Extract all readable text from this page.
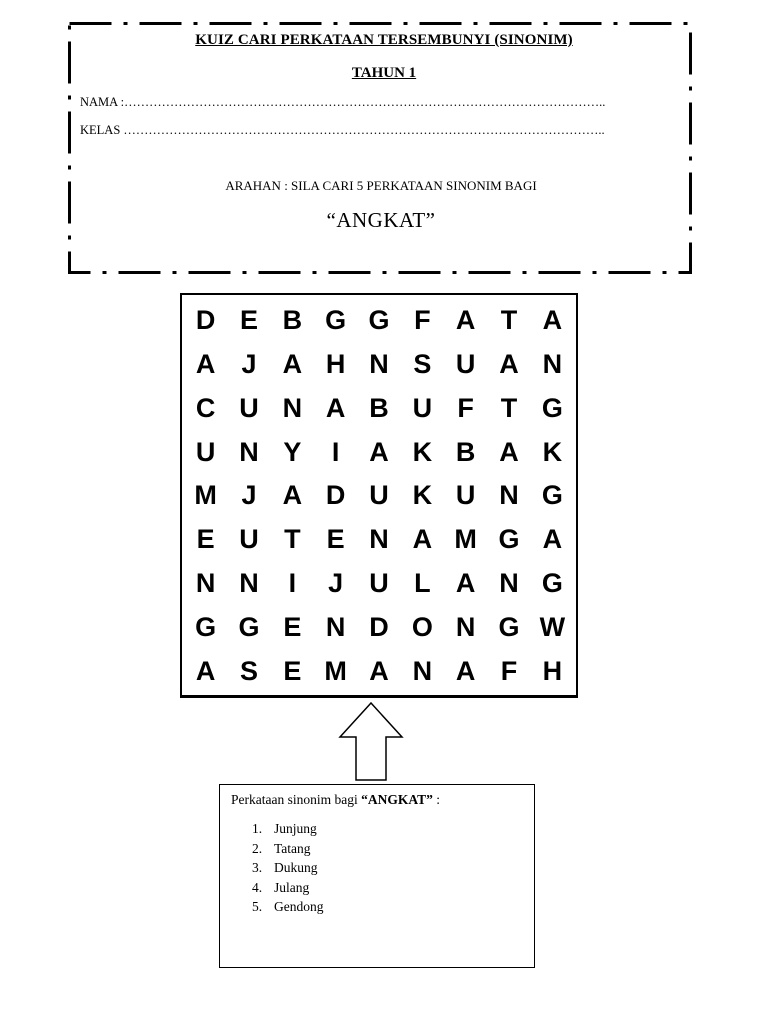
KUIZ CARI PERKATAAN TERSEMBUNYI (SINONIM)
TAHUN 1
NAMA :……………………………………………………………………………………………………..
KELAS ……………………………………………………………………………………………………..
ARAHAN : SILA CARI 5 PERKATAAN SINONIM BAGI
“ANGKAT”
D E B G G F A T A
A J A H N S U A N
C U N A B U F T G
U N Y	I	A K B A K
M J A D U K U N G
E U T E N A M G A
N N	I	J U L A N G
G G E N D O N G W
A S E M A N A F H
Perkataan sinonim bagi “ANGKAT” :
1. Junjung
2. Tatang
3. Dukung
4. Julang
5. Gendong
